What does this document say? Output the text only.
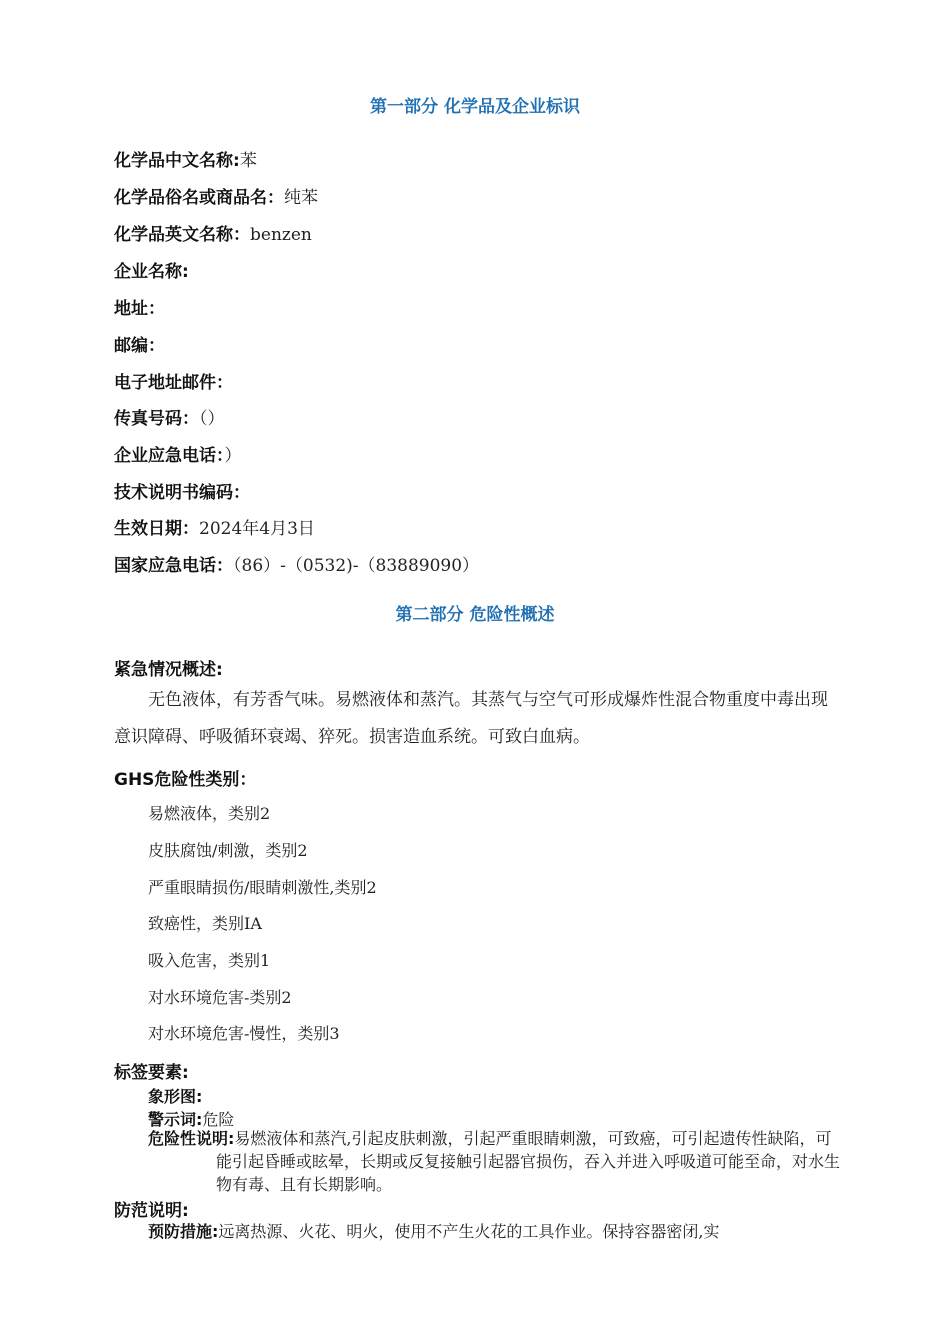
第一部分 化学品及企业标识
化学品中文名称:苯
化学品俗名或商品名：纯苯
化学品英文名称：benzen
企业名称:
地址：
邮编：
电子地址邮件：
传真号码：（）
企业应急电话：）
技术说明书编码：
生效日期：2024年4月3日
国家应急电话：（86）-（0532)-（83889090）
第二部分 危险性概述
紧急情况概述:
无色液体，有芳香气味。易燃液体和蒸汽。其蒸气与空气可形成爆炸性混合物重度中毒出现意识障碍、呼吸循环衰竭、猝死。损害造血系统。可致白血病。
GHS危险性类别：
易燃液体，类别2
皮肤腐蚀/刺激，类别2
严重眼睛损伤/眼睛刺激性,类别2
致癌性，类别IA
吸入危害，类别1
对水环境危害-类别2
对水环境危害-慢性，类别3
标签要素:
象形图:
警示词:危险
危险性说明:易燃液体和蒸汽,引起皮肤刺激，引起严重眼睛刺激，可致癌，可引起遗传性缺陷，可能引起昏睡或眩晕，长期或反复接触引起器官损伤，吞入并进入呼吸道可能至命，对水生物有毒、且有长期影响。
防范说明:
预防措施:远离热源、火花、明火，使用不产生火花的工具作业。保持容器密闭,实
